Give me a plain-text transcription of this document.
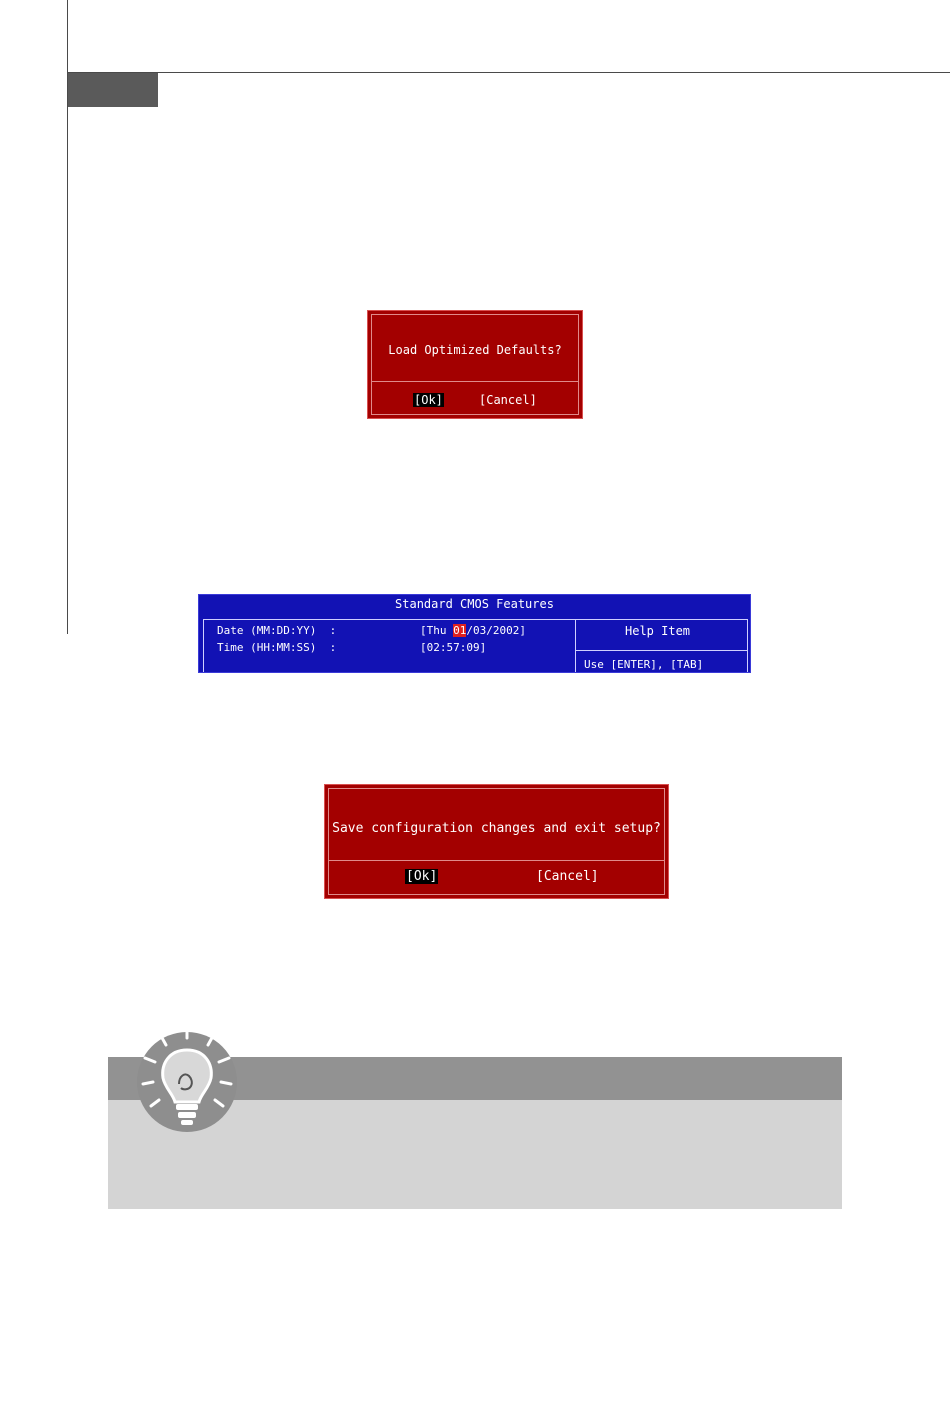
Load Optimized Defaults?
[Ok]	[Cancel]
Standard CMOS Features
Date (MM:DD:YY)  :	[Thu 01/03/2002]
Time (HH:MM:SS)  :	[02:57:09]
Help Item
Use [ENTER], [TAB]
Save configuration changes and exit setup?
[Ok]	[Cancel]
